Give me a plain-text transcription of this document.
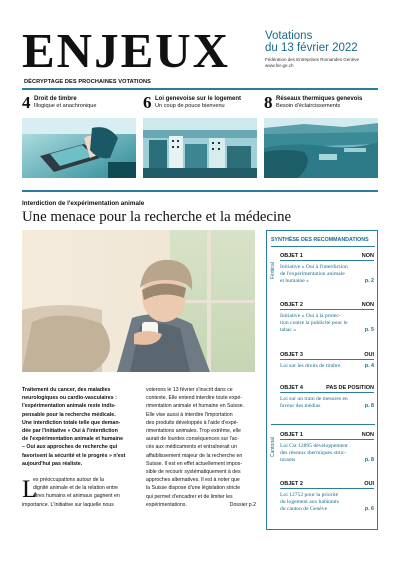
ENJEUX
DÉCRYPTAGE DES PROCHAINES VOTATIONS
Votations
du 13 février 2022
Fédération des Entreprises Romandes Genève
www.fer-ge.ch
4 Droit de timbre
Illogique et anachronique	6 Loi genevoise sur le logement
Un coup de pouce bienvenu 8 Réseaux thermiques genevois
Besoin d'éclaircissements
Interdiction de l'expérimentation animale
Une menace pour la recherche et la médecine
Traitement du cancer, des maladies
neurologiques ou cardio-vasculaires :
l'expérimentation animale reste indis-
pensable pour la recherche médicale.
Une interdiction totale telle que deman-
dée par l'initiative « Oui à l'interdiction
de l'expérimentation animale et humaine
– Oui aux approches de recherche qui
favorisent la sécurité et le progrès » n'est
aujourd'hui pas réaliste.
L
es préoccupations autour de la
dignité animale et de la relation entre
êtres humains et animaux gagnent en
importance. L'initiative sur laquelle nous
voterons le 13 février s'inscrit dans ce
contexte. Elle entend interdire toute expé-
rimentation animale et humaine en Suisse.
Elle vise aussi à interdire l'importation
des produits développés à l'aide d'expé-
rimentations animales. Trop extrême, elle
aurait de lourdes conséquences sur l'ac-
cès aux médicaments et entraînerait un
affaiblissement majeur de la recherche en
Suisse. Il est en effet actuellement impos-
sible de recourir systématiquement à des
approches alternatives. Il est à noter que
la Suisse dispose d'une législation stricte
qui permet d'encadrer et de limiter les
expérimentations.	Dossier p.2
SYNTHÈSE DES RECOMMANDATIONS
Fédéral
Cantonal
OBJET 1	NON
Initiative « Oui à l'interdiction
de l'expérimentation animale
et humaine »	p. 2
OBJET 2	NON
Initiative « Oui à la protec-
tion contre la publicité pour le
tabac »	p. 5
OBJET 3	OUI
Loi sur les droits de timbre	p. 4
OBJET 4	PAS DE POSITION
Loi sur un train de mesures en
faveur des médias	p. 8
OBJET 1	NON
Loi Cst 12895 développement
des réseaux thermiques struc-
turants	p. 8
OBJET 2	OUI
Loi 12752 pour la priorité
du logement aux habitants
du canton de Genève	p. 6
